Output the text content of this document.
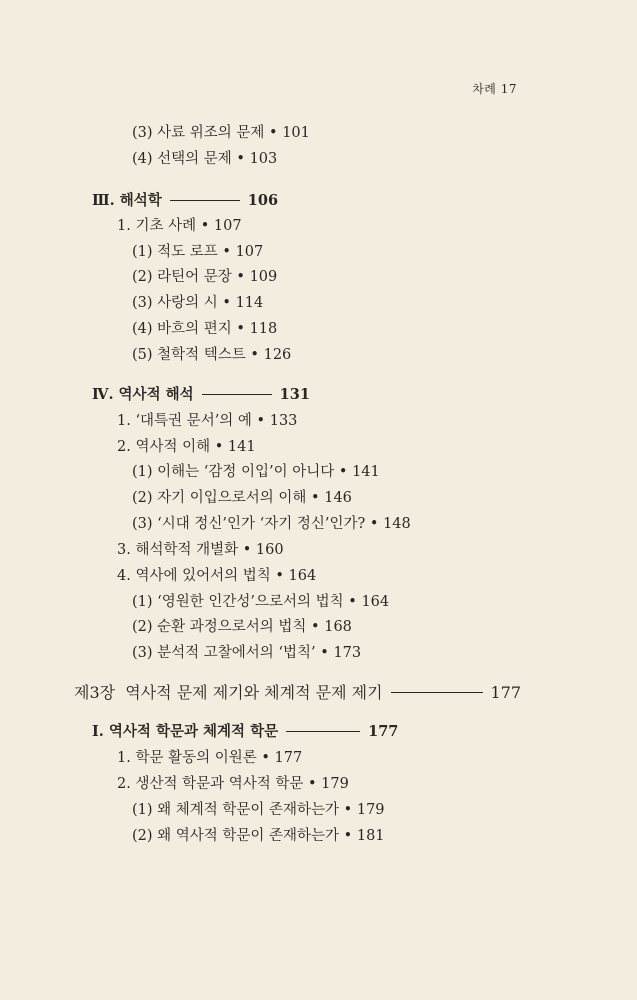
차례 17
(3) 사료 위조의 문제 • 101
(4) 선택의 문제 • 103
Ⅲ. 해석학	106
1. 기초 사례 • 107
(1) 적도 로프 • 107
(2) 라틴어 문장 • 109
(3) 사랑의 시 • 114
(4) 바흐의 편지 • 118
(5) 철학적 텍스트 • 126
Ⅳ. 역사적 해석	131
1. ‘대특권 문서’의 예 • 133
2. 역사적 이해 • 141
(1) 이해는 ‘감정 이입’이 아니다 • 141
(2) 자기 이입으로서의 이해 • 146
(3) ‘시대 정신’인가 ‘자기 정신’인가? • 148
3. 해석학적 개별화 • 160
4. 역사에 있어서의 법칙 • 164
(1) ‘영원한 인간성’으로서의 법칙 • 164
(2) 순환 과정으로서의 법칙 • 168
(3) 분석적 고찰에서의 ‘법칙’ • 173
제3장  역사적 문제 제기와 체계적 문제 제기	177
Ⅰ. 역사적 학문과 체계적 학문	177
1. 학문 활동의 이원론 • 177
2. 생산적 학문과 역사적 학문 • 179
(1) 왜 체계적 학문이 존재하는가 • 179
(2) 왜 역사적 학문이 존재하는가 • 181
